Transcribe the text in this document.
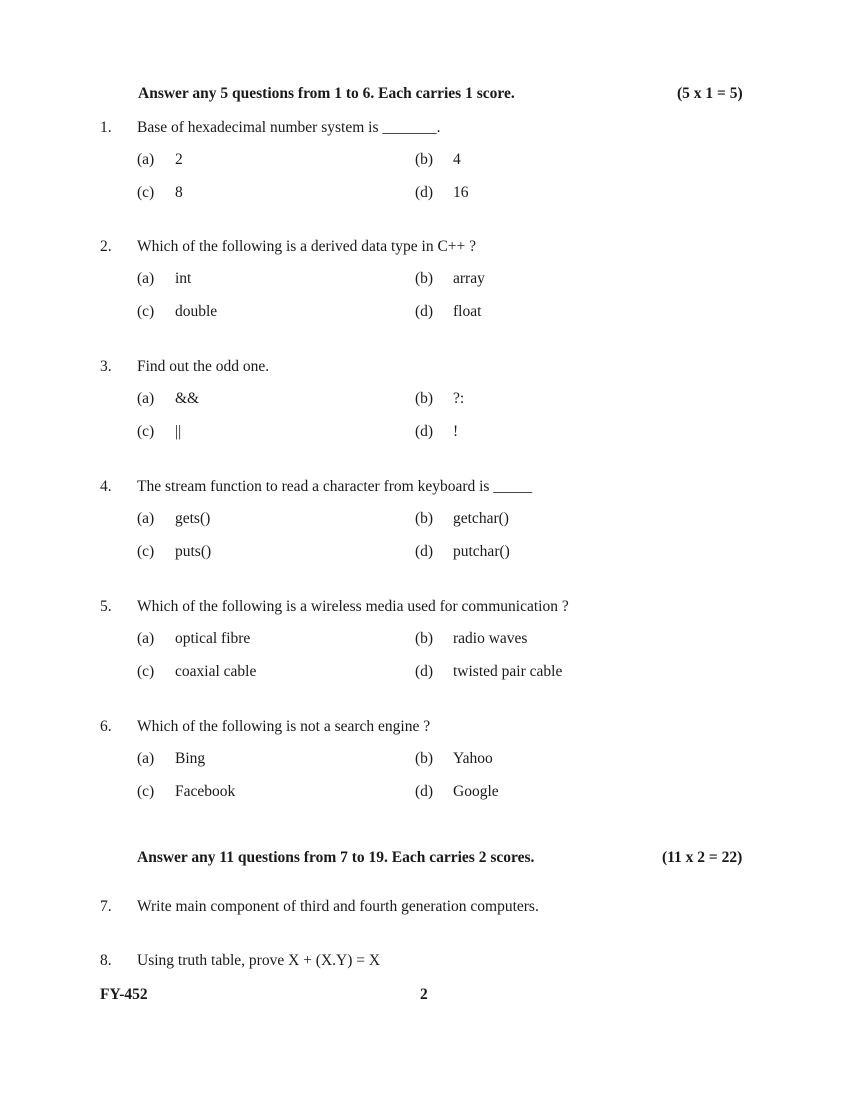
Answer any 5 questions from 1 to 6. Each carries 1 score.	(5 x 1 = 5)
1. Base of hexadecimal number system is _______.
(a) 2	(b) 4
(c) 8	(d) 16
2. Which of the following is a derived data type in C++ ?
(a) int	(b) array
(c) double	(d) float
3. Find out the odd one.
(a) &&	(b) ?:
(c) ||	(d) !
4. The stream function to read a character from keyboard is _____
(a) gets()	(b) getchar()
(c) puts()	(d) putchar()
5. Which of the following is a wireless media used for communication ?
(a) optical fibre	(b) radio waves
(c) coaxial cable	(d) twisted pair cable
6. Which of the following is not a search engine ?
(a) Bing	(b) Yahoo
(c) Facebook	(d) Google
Answer any 11 questions from 7 to 19. Each carries 2 scores.	(11 x 2 = 22)
7. Write main component of third and fourth generation computers.
8. Using truth table, prove X + (X.Y) = X
FY-452	2
